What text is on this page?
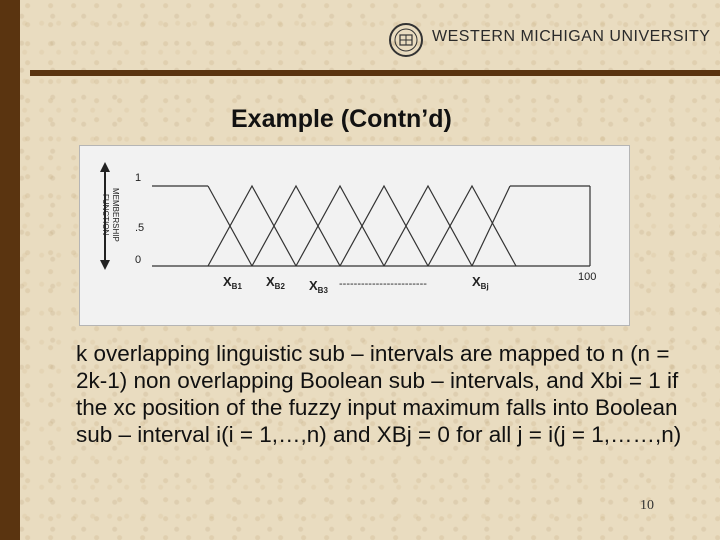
WESTERN MICHIGAN UNIVERSITY
Example (Contn’d)
MEMBERSHIP
FUNCTION
1
.5
0
100
$X_{B1}$ $X_{B2}$ $X_{B3}$
------------------------	$X_{Bj}$
k overlapping linguistic sub – intervals are mapped to n (n = 2k-1) non overlapping Boolean sub – intervals, and Xbi = 1 if the xc position of the fuzzy input maximum falls into Boolean sub – interval i(i = 1,…,n) and XBj = 0 for all j = i(j = 1,……,n)
10
